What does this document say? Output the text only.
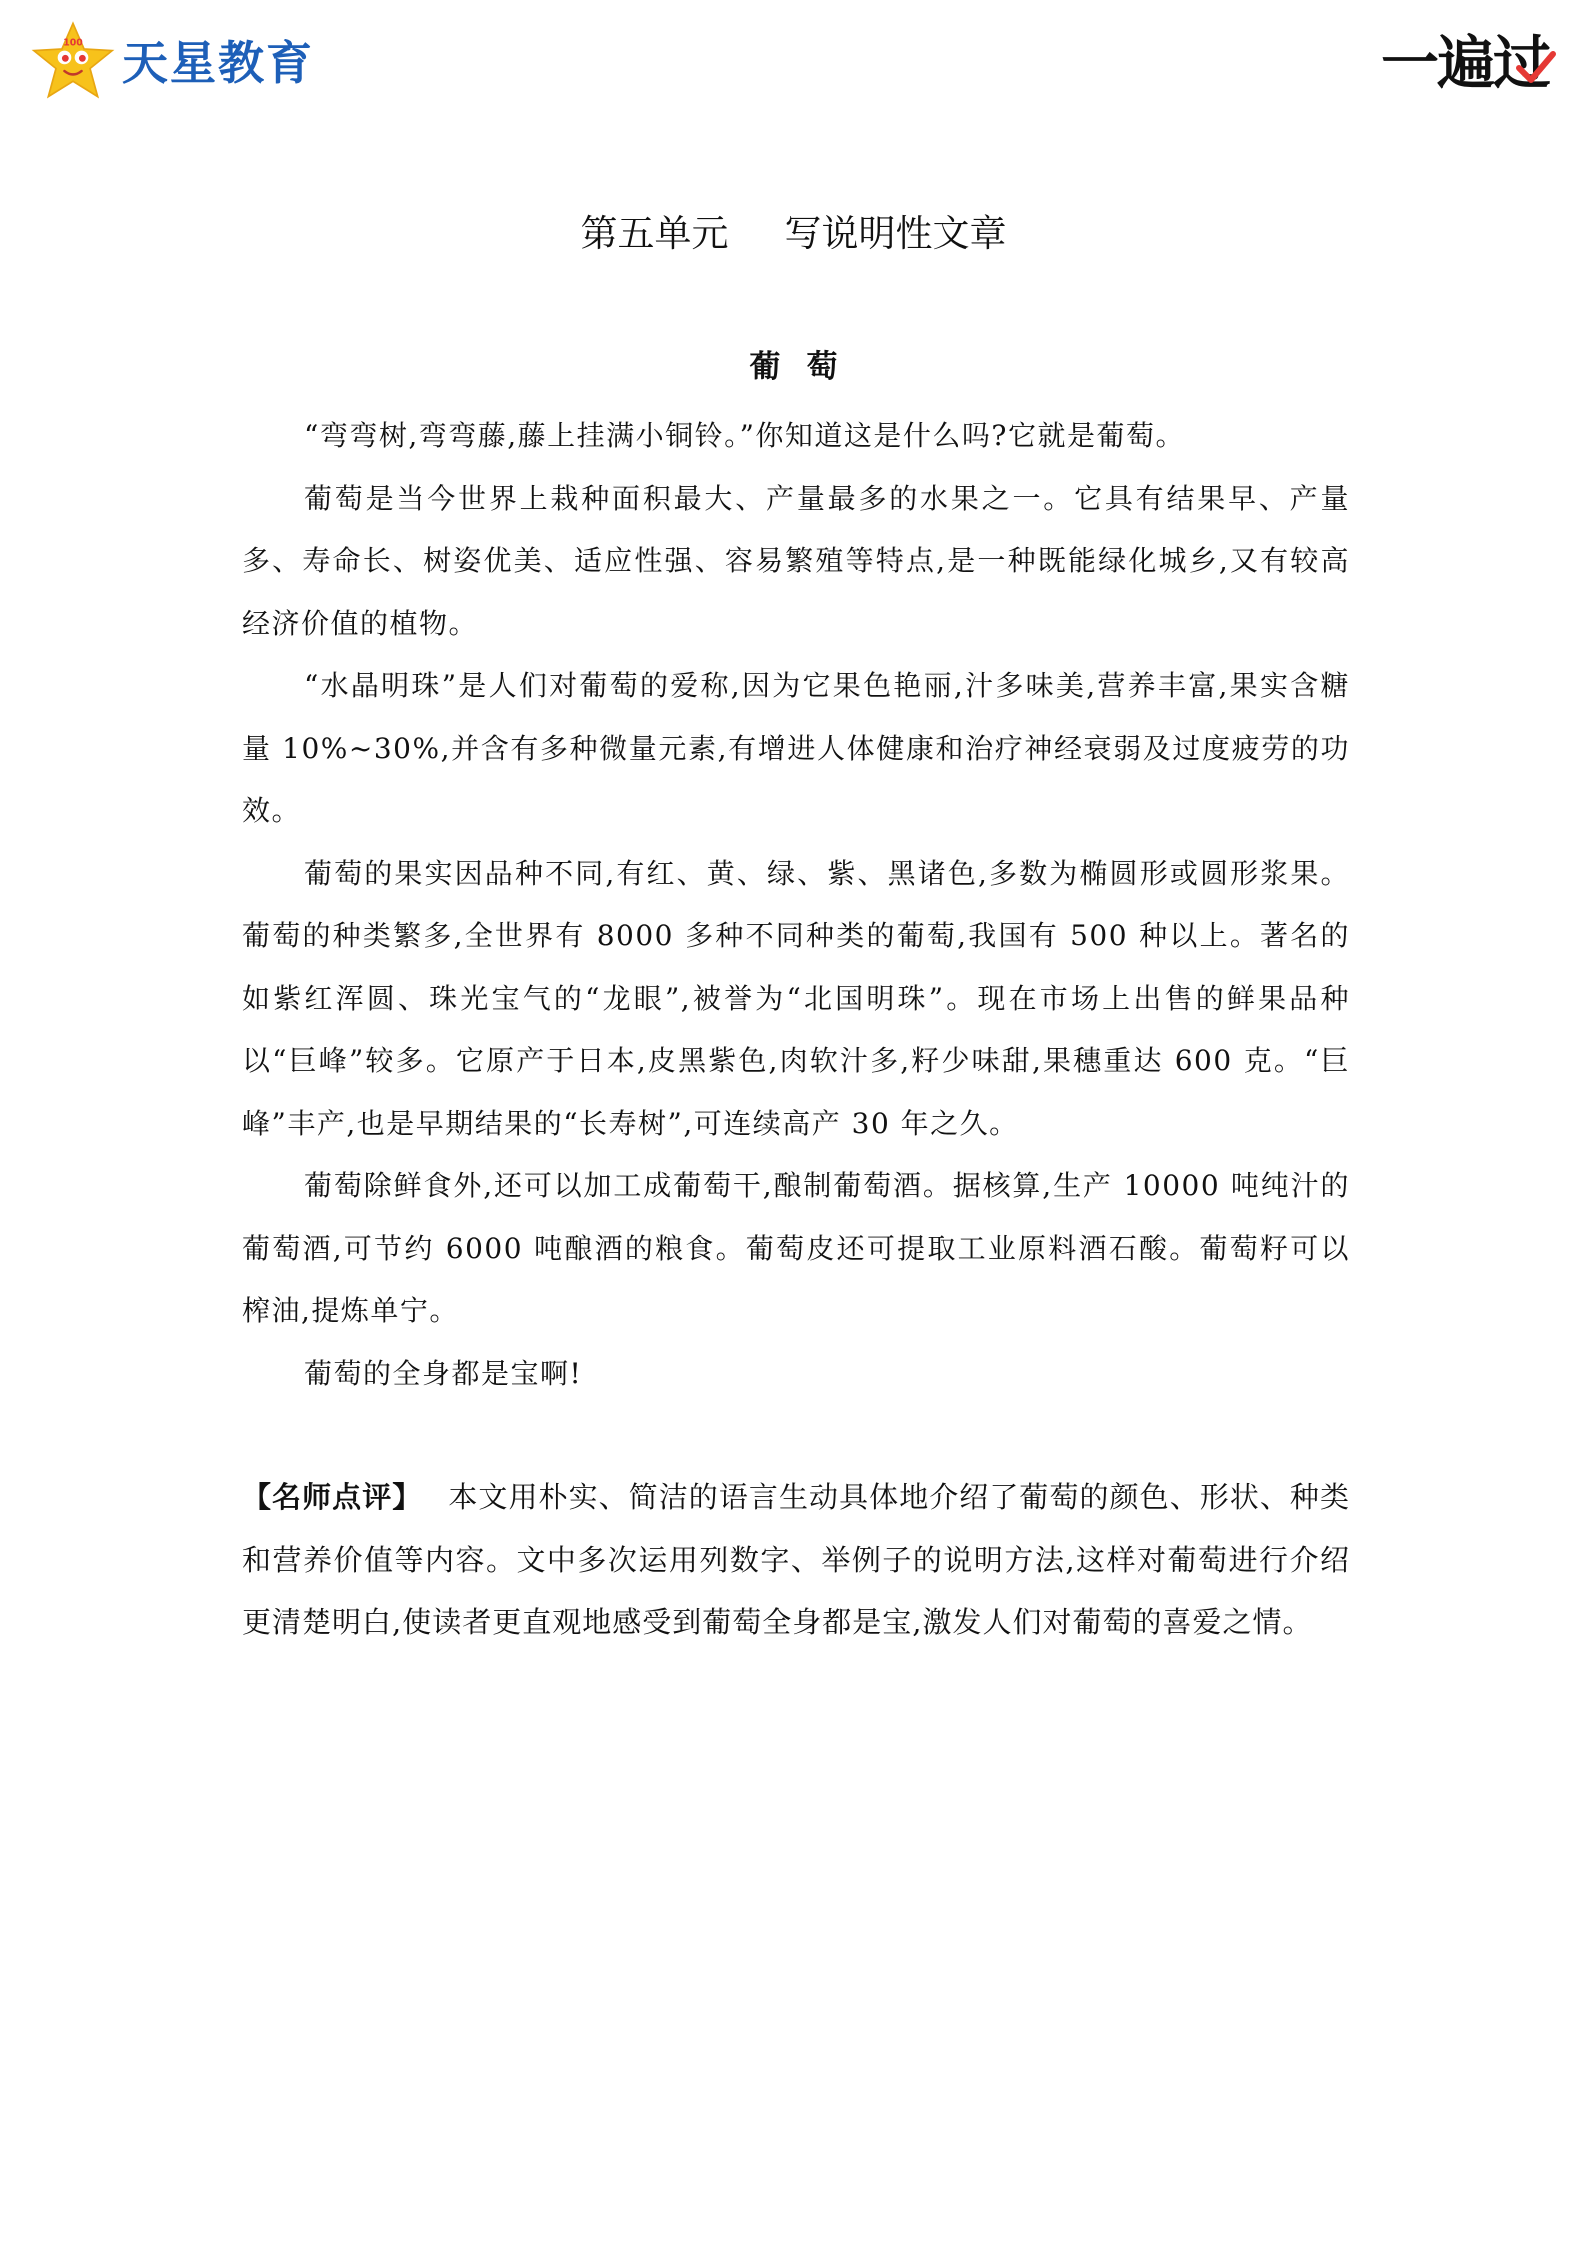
100 天星教育	一遍过
第五单元 写说明性文章
葡萄

“弯弯树,弯弯藤,藤上挂满小铜铃。”你知道这是什么吗?它就是葡萄。

葡萄是当今世界上栽种面积最大、产量最多的水果之一。它具有结果早、产量多、寿命长、树姿优美、适应性强、容易繁殖等特点,是一种既能绿化城乡,又有较高经济价值的植物。

“水晶明珠”是人们对葡萄的爱称,因为它果色艳丽,汁多味美,营养丰富,果实含糖量 10%~30%,并含有多种微量元素,有增进人体健康和治疗神经衰弱及过度疲劳的功效。

葡萄的果实因品种不同,有红、黄、绿、紫、黑诸色,多数为椭圆形或圆形浆果。葡萄的种类繁多,全世界有 8000 多种不同种类的葡萄,我国有 500 种以上。著名的如紫红浑圆、珠光宝气的“龙眼”,被誉为“北国明珠”。现在市场上出售的鲜果品种以“巨峰”较多。它原产于日本,皮黑紫色,肉软汁多,籽少味甜,果穗重达 600 克。“巨峰”丰产,也是早期结果的“长寿树”,可连续高产 30 年之久。

葡萄除鲜食外,还可以加工成葡萄干,酿制葡萄酒。据核算,生产 10000 吨纯汁的葡萄酒,可节约 6000 吨酿酒的粮食。葡萄皮还可提取工业原料酒石酸。葡萄籽可以榨油,提炼单宁。

葡萄的全身都是宝啊!

【名师点评】 本文用朴实、简洁的语言生动具体地介绍了葡萄的颜色、形状、种类和营养价值等内容。文中多次运用列数字、举例子的说明方法,这样对葡萄进行介绍更清楚明白,使读者更直观地感受到葡萄全身都是宝,激发人们对葡萄的喜爱之情。
